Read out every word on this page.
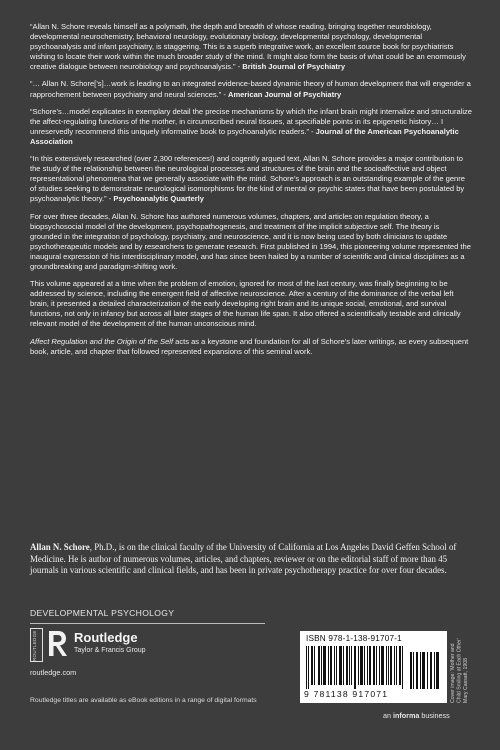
“Allan N. Schore reveals himself as a polymath, the depth and breadth of whose reading, bringing together neurobiology, developmental neurochemistry, behavioral neurology, evolutionary biology, developmental psychology, developmental psychoanalysis and infant psychiatry, is staggering. This is a superb integrative work, an excellent source book for psychiatrists wishing to locate their work within the much broader study of the mind. It might also form the basis of what could be an enormously creative dialogue between neurobiology and psychoanalysis.” - British Journal of Psychiatry

“… Allan N. Schore[’s]…work is leading to an integrated evidence-based dynamic theory of human development that will engender a rapprochement between psychiatry and neural sciences.” - American Journal of Psychiatry

“Schore’s…model explicates in exemplary detail the precise mechanisms by which the infant brain might internalize and structuralize the affect-regulating functions of the mother, in circumscribed neural tissues, at specifiable points in its epigenetic history… I unreservedly recommend this uniquely informative book to psychoanalytic readers.” - Journal of the American Psychoanalytic Association

“In this extensively researched (over 2,300 references!) and cogently argued text, Allan N. Schore provides a major contribution to the study of the relationship between the neurological processes and structures of the brain and the socioaffective and object representational phenomena that we generally associate with the mind. Schore’s approach is an outstanding example of the genre of studies seeking to demonstrate neurological isomorphisms for the kind of mental or psychic states that have been postulated by psychoanalytic theory.” - Psychoanalytic Quarterly

For over three decades, Allan N. Schore has authored numerous volumes, chapters, and articles on regulation theory, a biopsychosocial model of the development, psychopathogenesis, and treatment of the implicit subjective self. The theory is grounded in the integration of psychology, psychiatry, and neuroscience, and it is now being used by both clinicians to update psychotherapeutic models and by researchers to generate research. First published in 1994, this pioneering volume represented the inaugural expression of his interdisciplinary model, and has since been hailed by a number of scientific and clinical disciplines as a groundbreaking and paradigm-shifting work.

This volume appeared at a time when the problem of emotion, ignored for most of the last century, was finally beginning to be addressed by science, including the emergent field of affective neuroscience. After a century of the dominance of the verbal left brain, it presented a detailed characterization of the early developing right brain and its unique social, emotional, and survival functions, not only in infancy but across all later stages of the human life span. It also offered a scientifically testable and clinically relevant model of the development of the human unconscious mind.

Affect Regulation and the Origin of the Self acts as a keystone and foundation for all of Schore’s later writings, as every subsequent book, article, and chapter that followed represented expansions of this seminal work.

Allan N. Schore, Ph.D., is on the clinical faculty of the University of California at Los Angeles David Geffen School of Medicine. He is author of numerous volumes, articles, and chapters, reviewer or on the editorial staff of more than 45 journals in various scientific and clinical fields, and has been in private psychotherapy practice for over four decades.

DEVELOPMENTAL PSYCHOLOGY
ROUTLEDGE	Routledge
Taylor & Francis Group
routledge.com
Routledge titles are available as eBook editions in a range of digital formats
ISBN 978-1-138-91707-1
9 781138 917071	Cover image: 'Mother and Child Smiling at Each Other' Mary Cassatt, 1908
an informa business
